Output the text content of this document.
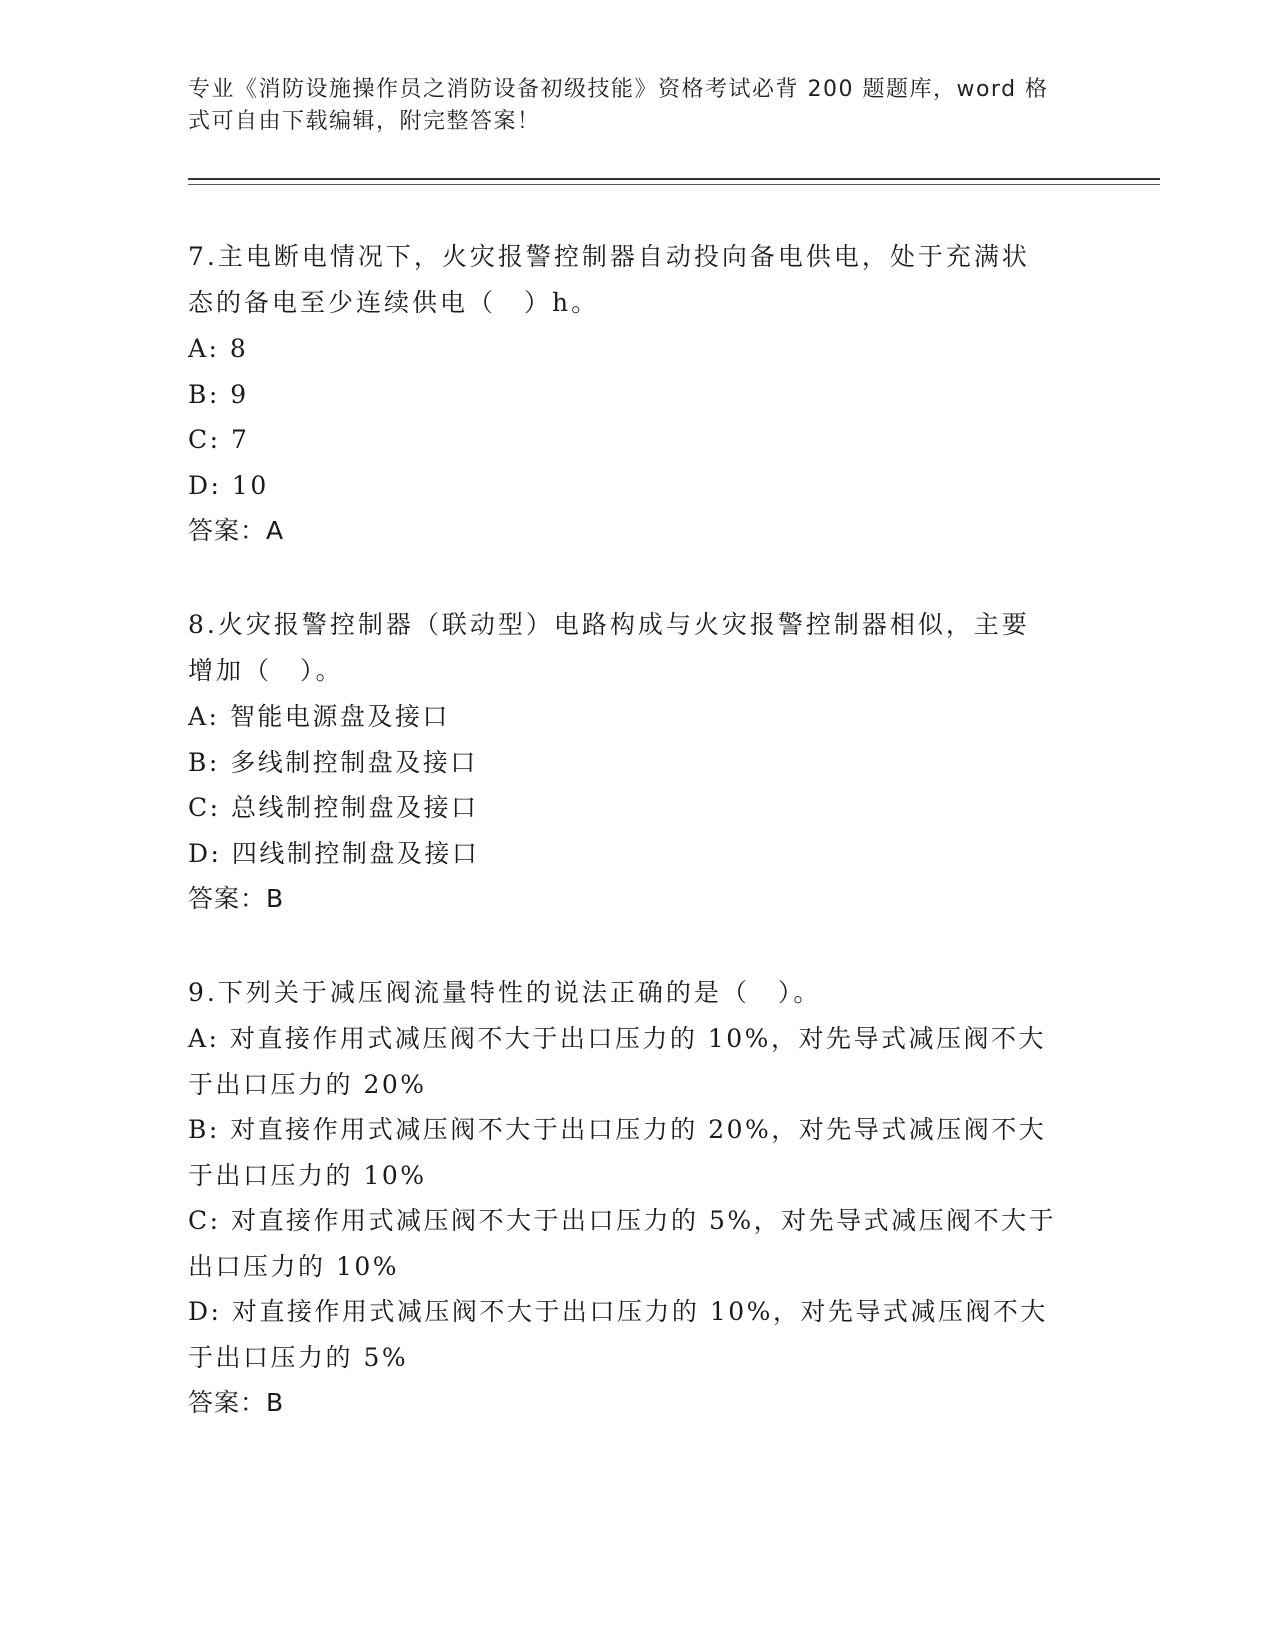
专业《消防设施操作员之消防设备初级技能》资格考试必背 200 题题库，word 格
式可自由下载编辑，附完整答案！

7.主电断电情况下，火灾报警控制器自动投向备电供电，处于充满状

态的备电至少连续供电（　）h。

A: 8

B: 9

C: 7

D: 10

答案：A

8.火灾报警控制器（联动型）电路构成与火灾报警控制器相似，主要

增加（　）。

A: 智能电源盘及接口

B: 多线制控制盘及接口

C: 总线制控制盘及接口

D: 四线制控制盘及接口

答案：B

9.下列关于减压阀流量特性的说法正确的是（　）。

A: 对直接作用式减压阀不大于出口压力的 10%，对先导式减压阀不大

于出口压力的 20%

B: 对直接作用式减压阀不大于出口压力的 20%，对先导式减压阀不大

于出口压力的 10%

C: 对直接作用式减压阀不大于出口压力的 5%，对先导式减压阀不大于

出口压力的 10%

D: 对直接作用式减压阀不大于出口压力的 10%，对先导式减压阀不大

于出口压力的 5%

答案：B
